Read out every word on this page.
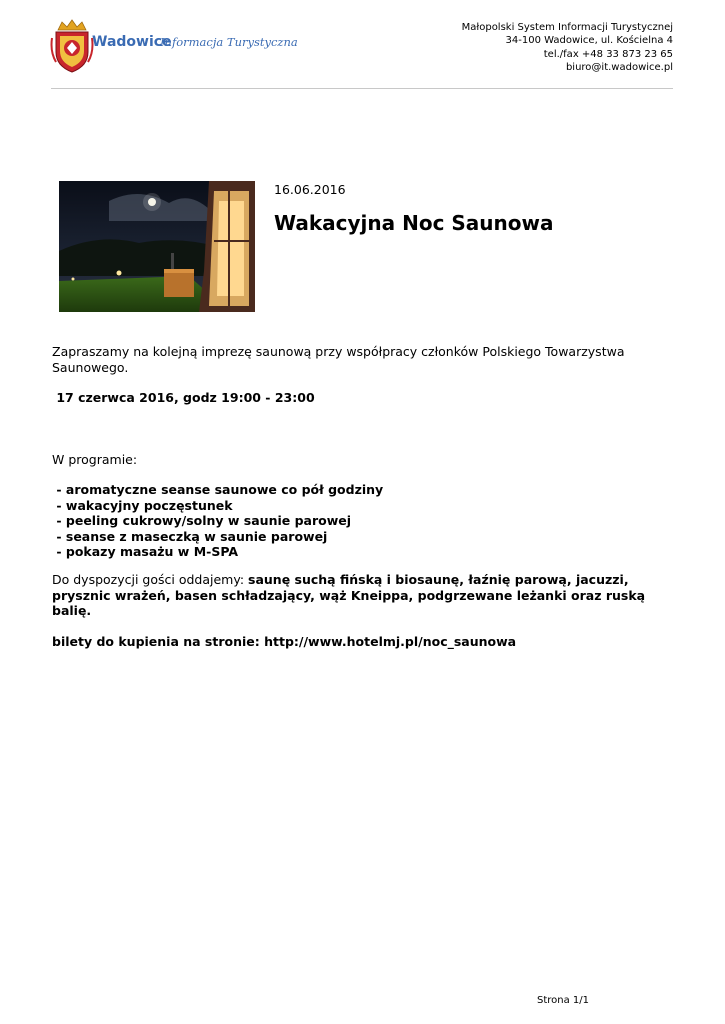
Wadowice
Informacja Turystyczna
Małopolski System Informacji Turystycznej
34-100 Wadowice, ul. Kościelna 4
tel./fax +48 33 873 23 65
biuro@it.wadowice.pl
16.06.2016
Wakacyjna Noc Saunowa

Zapraszamy na kolejną imprezę saunową przy współpracy członków Polskiego Towarzystwa Saunowego.

17 czerwca 2016, godz 19:00 - 23:00

W programie:

- aromatyczne seanse saunowe co pół godziny
- wakacyjny poczęstunek
- peeling cukrowy/solny w saunie parowej
- seanse z maseczką w saunie parowej
- pokazy masażu w M-SPA

Do dyspozycji gości oddajemy: saunę suchą fińską i biosaunę, łaźnię parową, jacuzzi, prysznic wrażeń, basen schładzający, wąż Kneippa, podgrzewane leżanki oraz ruską balię.

bilety do kupienia na stronie: http://www.hotelmj.pl/noc_saunowa

Strona 1/1
